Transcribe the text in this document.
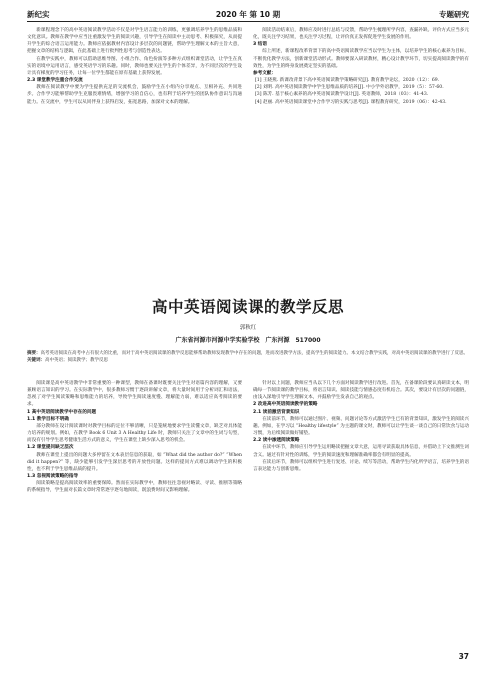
新纪实	2020 年 第 10 期	专题研究

新课程理念下的高中英语阅读教学活动不仅是对学生语言能力的训练，更强调培养学生的思维品质和文化意识。教师在教学中应当注重激发学生的阅读兴趣，引导学生在阅读中主动思考、积极探究，从而提升学生的综合语言运用能力。教师应依据教材内容设计多层次的问题链，帮助学生理解文本的主旨大意，把握文章的结构与逻辑，在此基础上进行批判性思考与创造性表达。

在教学实践中，教师可以借助思维导图、小组合作、角色扮演等多种方式组织课堂活动，让学生在真实的语境中运用语言，感受英语学习的乐趣。同时，教师也要关注学生的个体差异，为不同层次的学生设计具有梯度的学习任务，让每一位学生都能在原有基础上获得发展。

2.3 课堂教学注重合作交流

教师在阅读教学中要为学生提供充足的交流机会，鼓励学生在小组内分享观点、互相补充、共同进步。合作学习能够帮助学生克服畏难情绪，增强学习的自信心，也有利于培养学生的团队协作意识与沟通能力。在交流中，学生可以从同伴身上获得启发，拓宽思路，加深对文本的理解。

阅读活动结束后，教师应及时进行总结与反馈，帮助学生梳理所学内容，查漏补缺。评价方式应当多元化，既关注学习结果，也关注学习过程，让评价真正发挥促进学生发展的作用。

3 结语

综上所述，新课程改革背景下的高中英语阅读教学应当以学生为主体，以培养学生的核心素养为目标，不断优化教学方法，创新课堂活动形式。教师要深入研读教材，精心设计教学环节，切实提高阅读教学的有效性，为学生的终身发展奠定坚实的基础。

参考文献：

[1] 王晓燕. 新课改背景下高中英语阅读教学策略研究[J]. 教育教学论坛，2020（12）：69.

[2] 刘明. 高中英语阅读教学中学生思维品质的培养[J]. 中小学外语教学，2019（5）：57-60.

[3] 陈芳. 基于核心素养的高中英语阅读教学设计[J]. 英语教师，2018（03）：41-43.

[4] 赵丽. 高中英语阅读课堂中合作学习的实践与思考[J]. 课程教育研究，2019（06）：42-43.

高中英语阅读课的教学反思
郭秋红
广东省河源市河源中学实验学校　广东河源　517000

摘要：高考英语阅读在高考中占有很大的比重，而对于高中英语阅读课的教学反思能够帮助教师发现教学中存在的问题，进而改进教学方法，提高学生的阅读能力。本文结合教学实践，对高中英语阅读课的教学进行了反思。

关键词：高中英语；阅读教学；教学反思

阅读课是高中英语教学中非常重要的一种课型，教师在备课时既要关注学生对语篇内容的理解，又要兼顾语言知识的学习。在实际教学中，很多教师习惯于逐段讲解文章，将大量时间用于分析词汇和语法，忽视了对学生阅读策略和思维能力的培养，导致学生阅读速度慢、理解能力弱，难以适应高考阅读的要求。

1 高中英语阅读教学中存在的问题

1.1 教学目标不明确

部分教师在设计阅读课时对教学目标的定位不够清晰，只是笼统地要求学生读懂文章，缺乏对具体能力培养的规划。例如，在教学 Book 6 Unit 3 A Healthy Life 时，教师只关注了文章中的生词与句型，而没有引导学生思考健康生活方式的意义，学生在课堂上缺少深入思考的机会。

1.2 课堂提问缺乏层次

教师在课堂上提出的问题大多停留在文本表层信息的获取，如 “What did the author do?” “When did it happen?” 等，缺少能够引发学生深层思考的开放性问题。这样的提问方式难以调动学生的积极性，也不利于学生思维品质的提升。

1.3 忽视阅读策略的指导

阅读策略是提高阅读效率的重要保障。然而在实际教学中，教师往往忽视对略读、寻读、推断等策略的系统指导，学生面对长篇文章时常常逐字逐句地阅读，既浪费时间又影响理解。

针对以上问题，教师应当从以下几个方面对阅读教学进行改进。首先，在备课阶段要认真研读文本，明确每一节阅读课的教学目标，将语言知识、阅读技能与情感态度有机结合。其次，要设计有层次的问题链，由浅入深地引导学生理解文本，并鼓励学生发表自己的观点。

2 改进高中英语阅读教学的策略

2.1 读前激活背景知识

在读前环节，教师可以通过图片、视频、问题讨论等方式激活学生已有的背景知识，激发学生的阅读兴趣。例如，在学习以 “Healthy lifestyle” 为主题的课文时，教师可以让学生谈一谈自己的日常饮食与运动习惯，为后续阅读做好铺垫。

2.2 读中渗透阅读策略

在读中环节，教师应引导学生运用略读把握文章大意，运用寻读获取具体信息，并借助上下文推测生词含义。通过有针对性的训练，学生的阅读速度和理解准确率都会有明显的提高。

在读后环节，教师可以组织学生进行复述、讨论、续写等活动，帮助学生内化所学语言，培养学生的语言表达能力与创新思维。

37
